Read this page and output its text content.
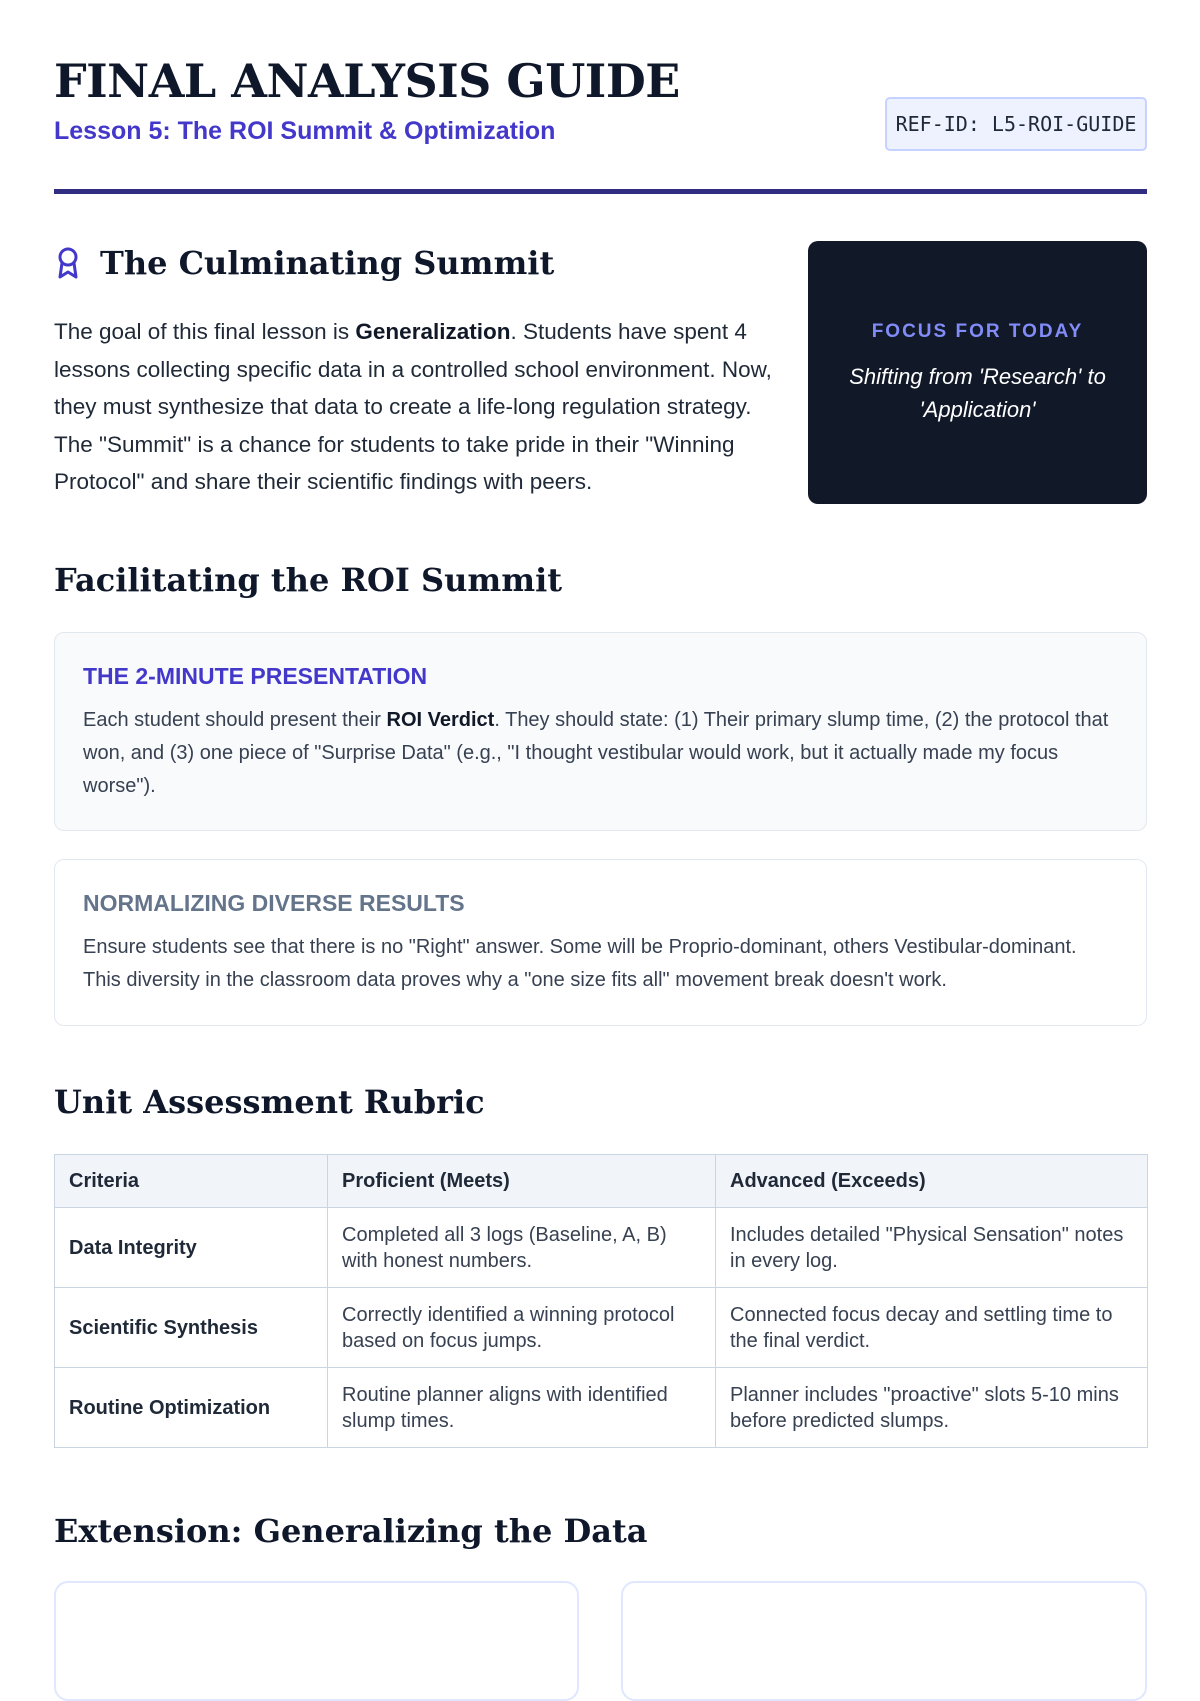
FINAL ANALYSIS GUIDE

Lesson 5: The ROI Summit & Optimization	REF-ID: L5-ROI-GUIDE
The Culminating Summit

The goal of this final lesson is Generalization. Students have spent 4 lessons collecting specific data in a controlled school environment. Now, they must synthesize that data to create a life-long regulation strategy. The "Summit" is a chance for students to take pride in their "Winning Protocol" and share their scientific findings with peers.

FOCUS FOR TODAY
Shifting from 'Research' to 'Application'
Facilitating the ROI Summit
THE 2-MINUTE PRESENTATION

Each student should present their ROI Verdict. They should state: (1) Their primary slump time, (2) the protocol that won, and (3) one piece of "Surprise Data" (e.g., "I thought vestibular would work, but it actually made my focus worse").

NORMALIZING DIVERSE RESULTS

Ensure students see that there is no "Right" answer. Some will be Proprio-dominant, others Vestibular-dominant. This diversity in the classroom data proves why a "one size fits all" movement break doesn't work.

Unit Assessment Rubric
Criteria	Proficient (Meets)	Advanced (Exceeds)
Data Integrity	Completed all 3 logs (Baseline, A, B) with honest numbers.	Includes detailed "Physical Sensation" notes in every log.
Scientific Synthesis	Correctly identified a winning protocol based on focus jumps.	Connected focus decay and settling time to the final verdict.
Routine Optimization	Routine planner aligns with identified slump times.	Planner includes "proactive" slots 5-10 mins before predicted slumps.
Extension: Generalizing the Data
